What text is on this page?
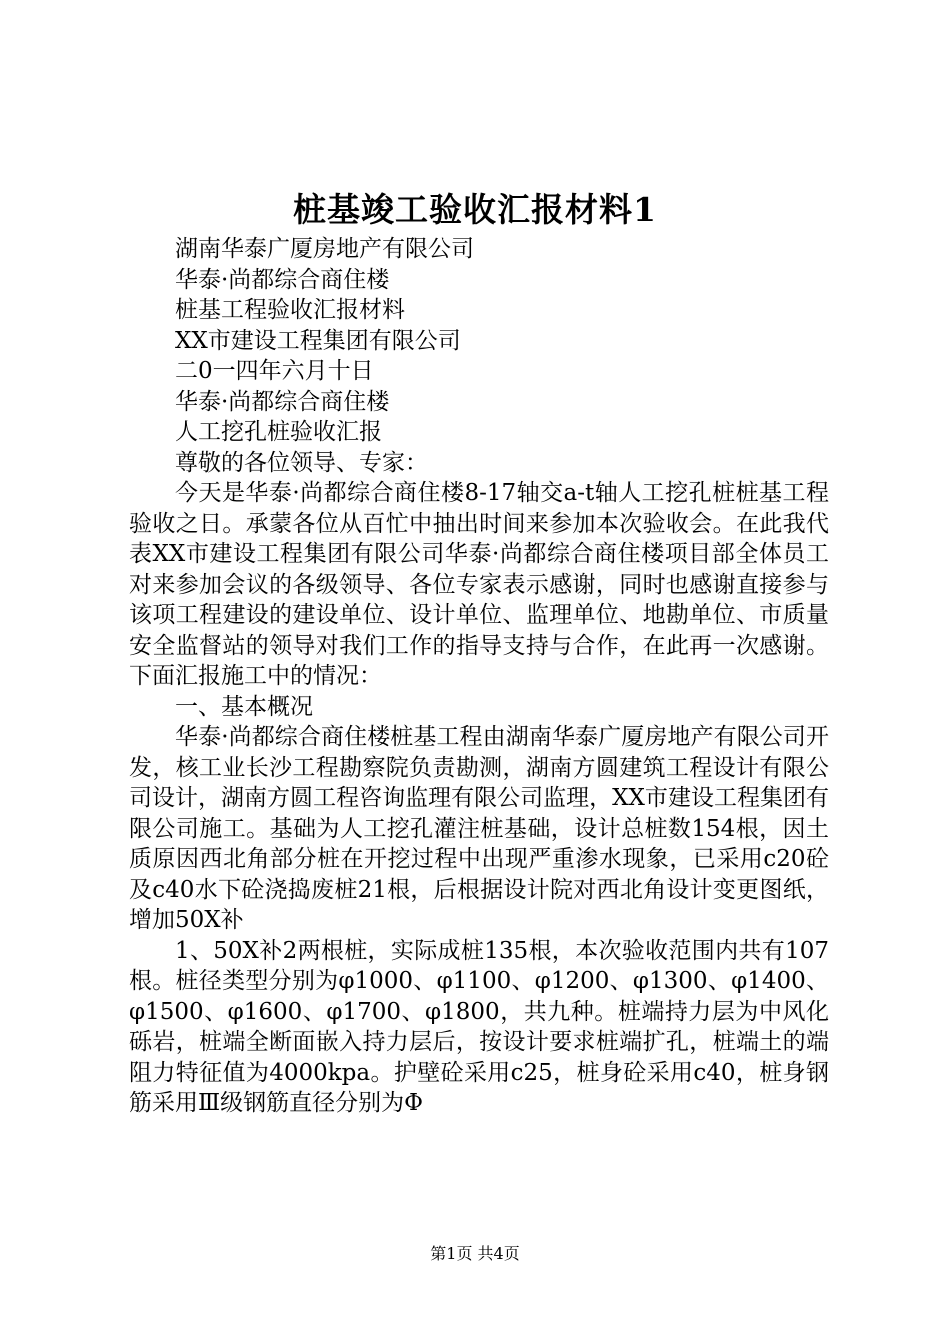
桩基竣工验收汇报材料1

湖南华泰广厦房地产有限公司

华泰·尚都综合商住楼

桩基工程验收汇报材料

XX市建设工程集团有限公司

二0一四年六月十日

华泰·尚都综合商住楼

人工挖孔桩验收汇报

尊敬的各位领导、专家：

今天是华泰·尚都综合商住楼8-17轴交a-t轴人工挖孔桩桩基工程验收之日。承蒙各位从百忙中抽出时间来参加本次验收会。在此我代表XX市建设工程集团有限公司华泰·尚都综合商住楼项目部全体员工对来参加会议的各级领导、各位专家表示感谢，同时也感谢直接参与该项工程建设的建设单位、设计单位、监理单位、地勘单位、市质量安全监督站的领导对我们工作的指导支持与合作，在此再一次感谢。下面汇报施工中的情况：

一、基本概况

华泰·尚都综合商住楼桩基工程由湖南华泰广厦房地产有限公司开发，核工业长沙工程勘察院负责勘测，湖南方圆建筑工程设计有限公司设计，湖南方圆工程咨询监理有限公司监理，XX市建设工程集团有限公司施工。基础为人工挖孔灌注桩基础，设计总桩数154根，因土质原因西北角部分桩在开挖过程中出现严重渗水现象，已采用c20砼及c40水下砼浇捣废桩21根，后根据设计院对西北角设计变更图纸，增加50X补

1、50X补2两根桩，实际成桩135根，本次验收范围内共有107根。桩径类型分别为φ1000、φ1100、φ1200、φ1300、φ1400、φ1500、φ1600、φ1700、φ1800，共九种。桩端持力层为中风化砾岩，桩端全断面嵌入持力层后，按设计要求桩端扩孔，桩端土的端阻力特征值为4000kpa。护壁砼采用c25，桩身砼采用c40，桩身钢筋采用Ⅲ级钢筋直径分别为Φ

第1页 共4页
